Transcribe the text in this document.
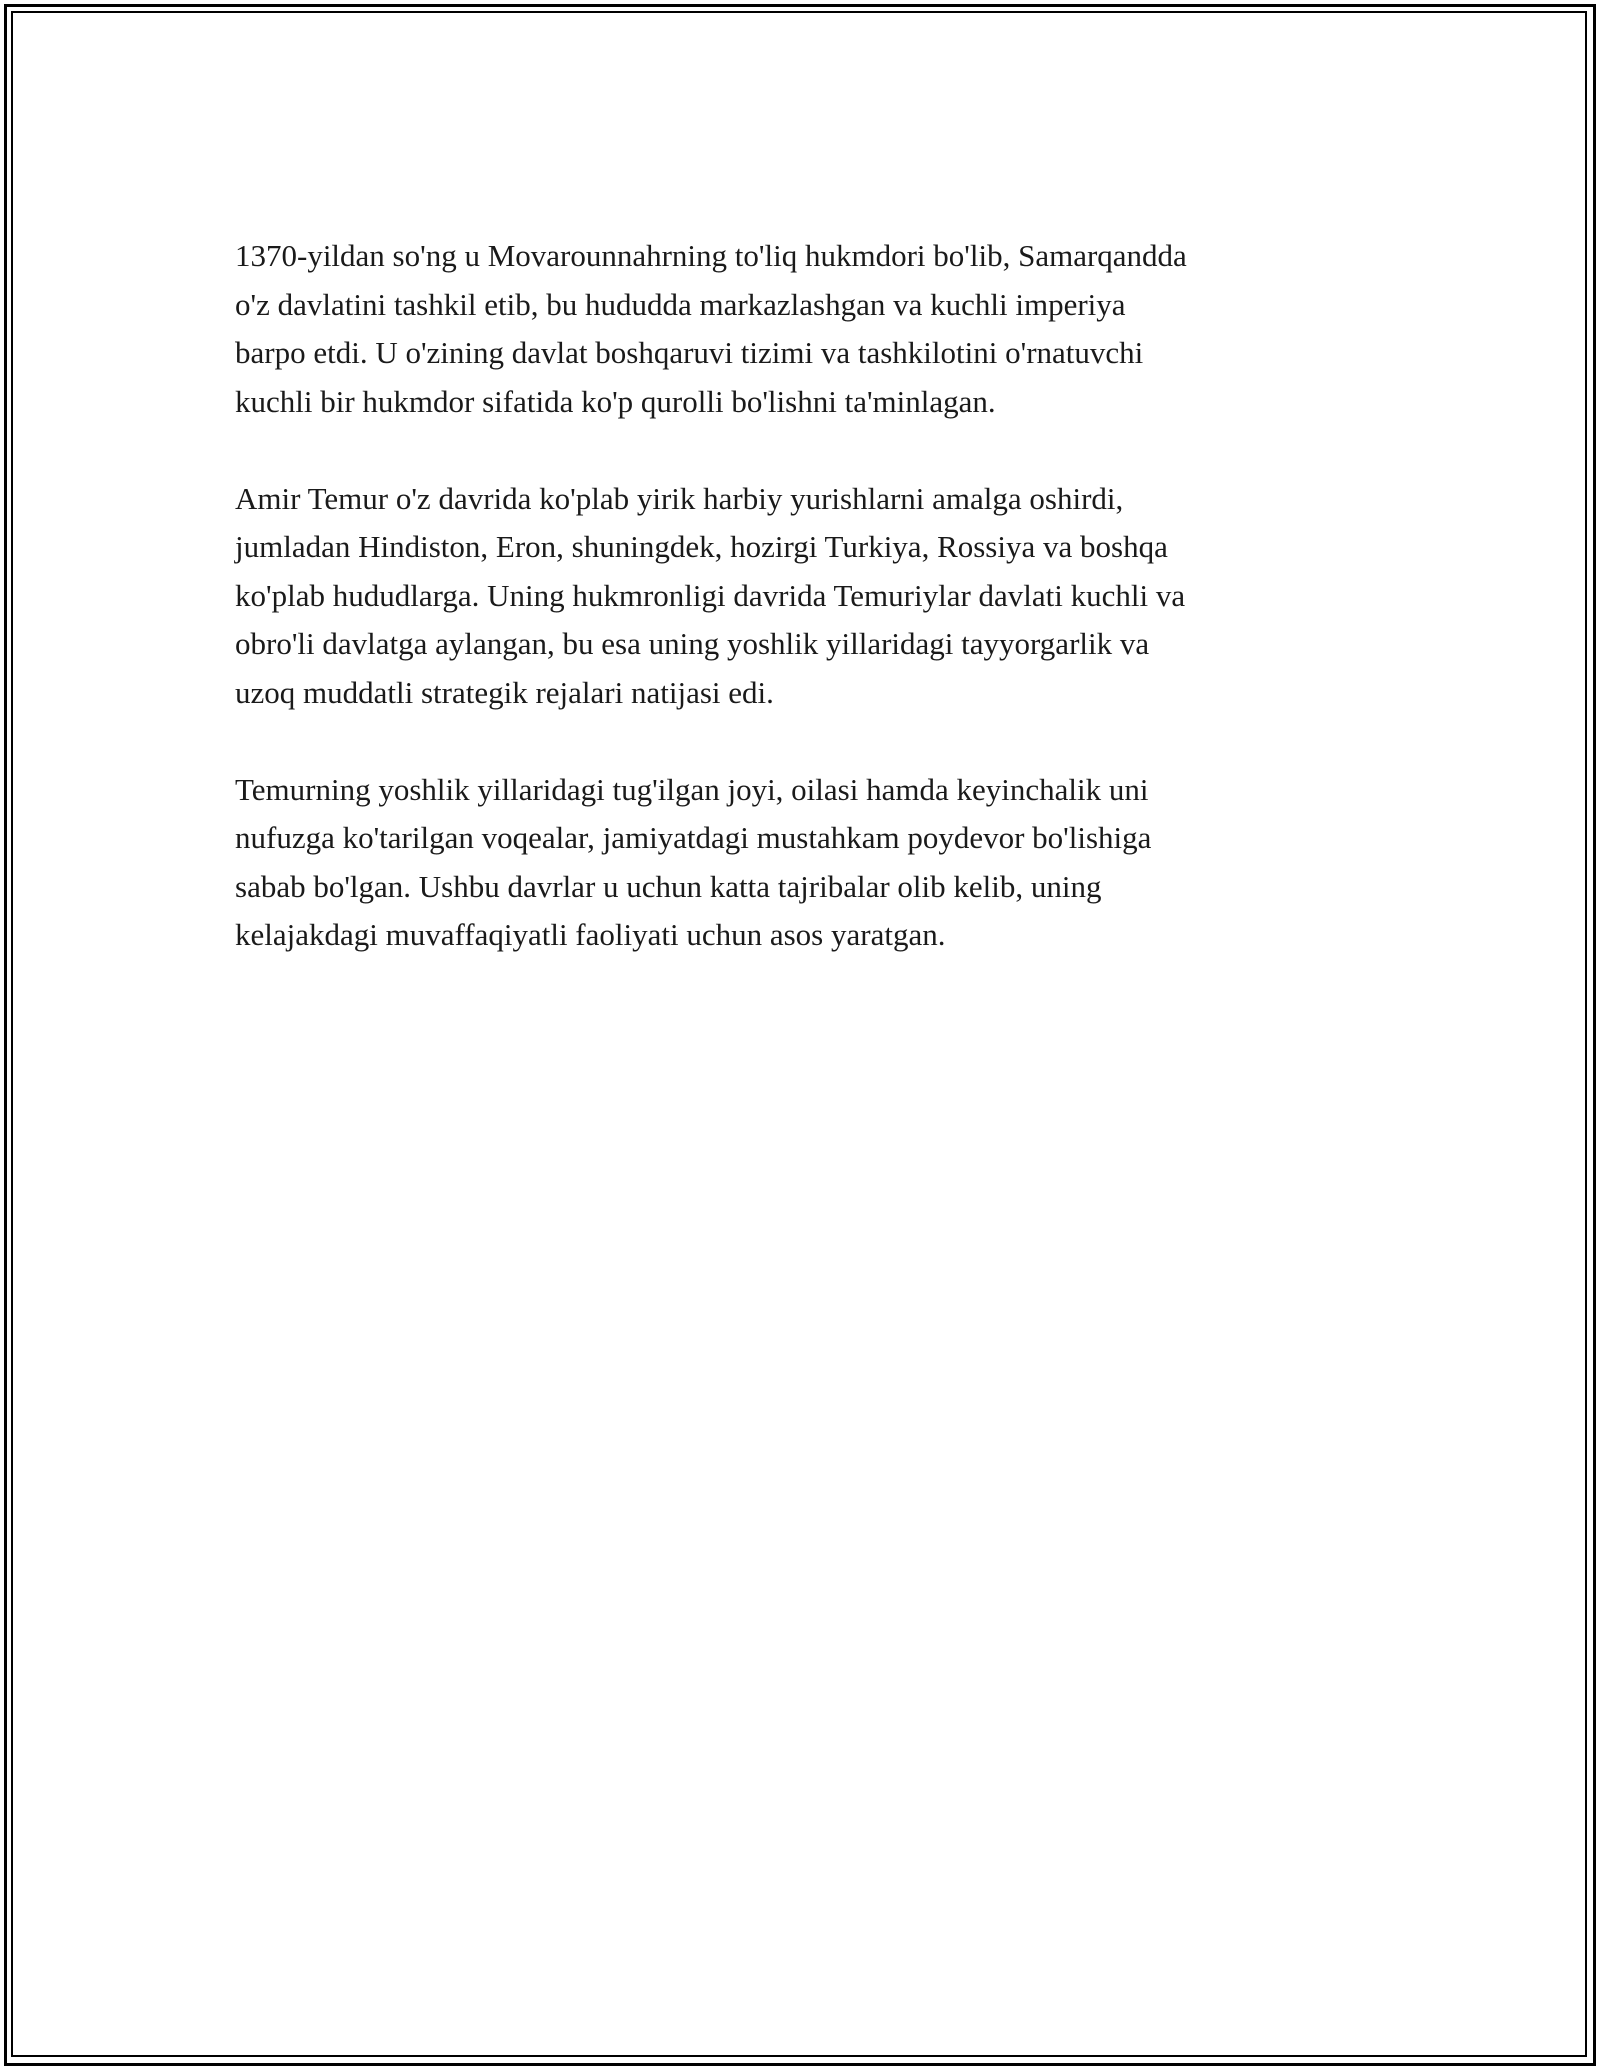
1370-yildan so'ng u Movarounnahrning to'liq hukmdori bo'lib, Samarqandda
o'z davlatini tashkil etib, bu hududda markazlashgan va kuchli imperiya
barpo etdi. U o'zining davlat boshqaruvi tizimi va tashkilotini o'rnatuvchi
kuchli bir hukmdor sifatida ko'p qurolli bo'lishni ta'minlagan.

Amir Temur o'z davrida ko'plab yirik harbiy yurishlarni amalga oshirdi,
jumladan Hindiston, Eron, shuningdek, hozirgi Turkiya, Rossiya va boshqa
ko'plab hududlarga. Uning hukmronligi davrida Temuriylar davlati kuchli va
obro'li davlatga aylangan, bu esa uning yoshlik yillaridagi tayyorgarlik va
uzoq muddatli strategik rejalari natijasi edi.

Temurning yoshlik yillaridagi tug'ilgan joyi, oilasi hamda keyinchalik uni
nufuzga ko'tarilgan voqealar, jamiyatdagi mustahkam poydevor bo'lishiga
sabab bo'lgan. Ushbu davrlar u uchun katta tajribalar olib kelib, uning
kelajakdagi muvaffaqiyatli faoliyati uchun asos yaratgan.
